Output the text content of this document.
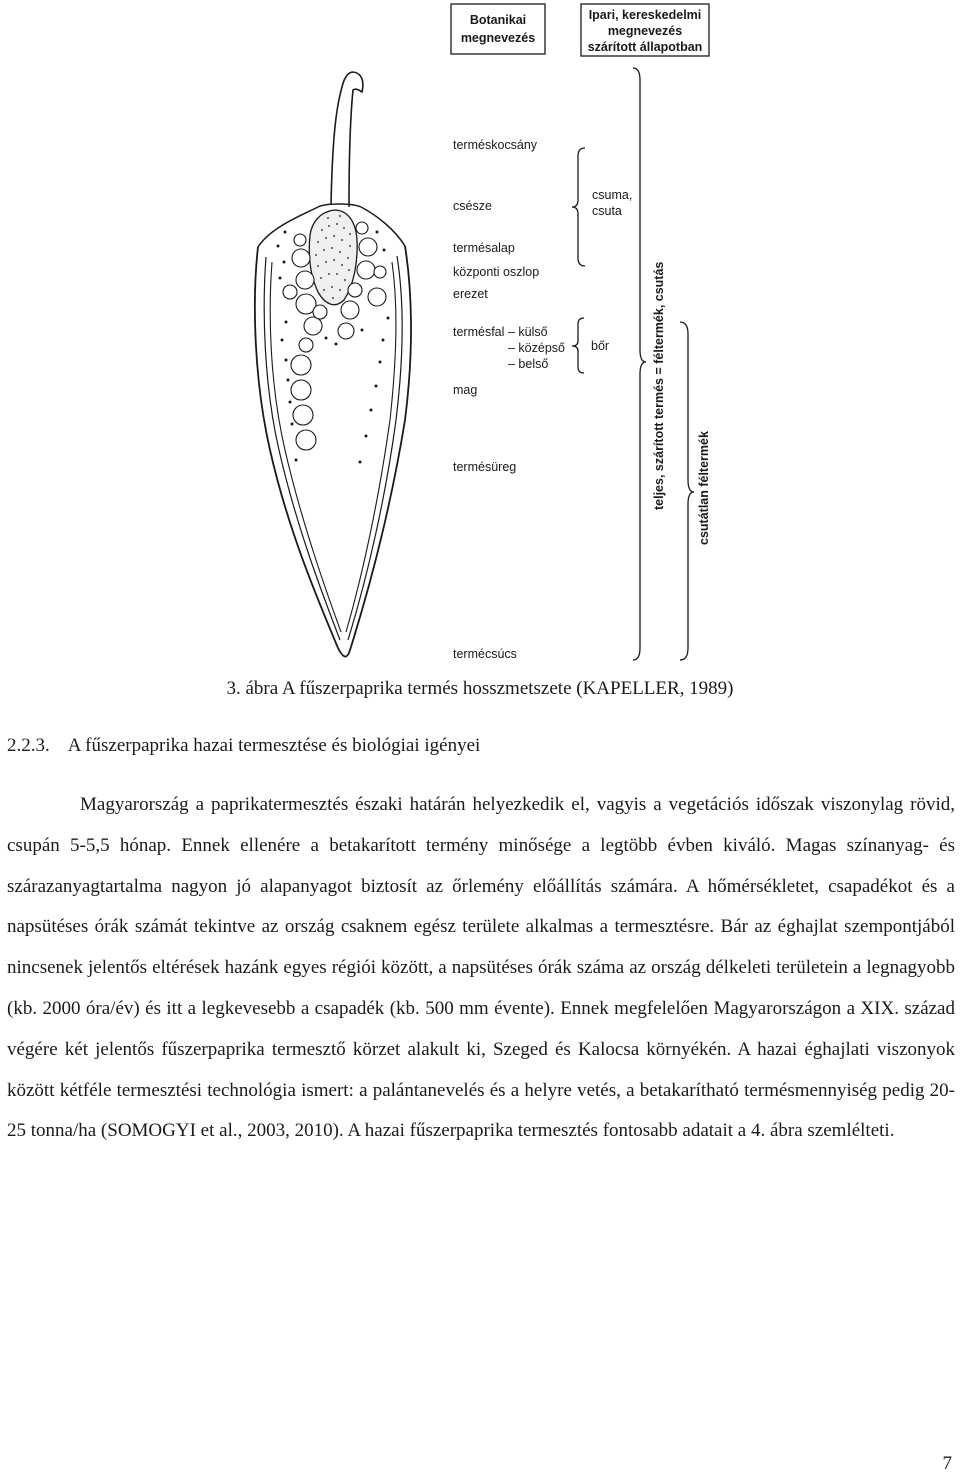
Botanikai
megnevezés
Ipari, kereskedelmi
megnevezés
szárított állapotban
terméskocsány
csésze
termésalap
központi oszlop
erezet
termésfal – külső
– középső
– belső
mag
termésüreg
termécsúcs
csuma,
csuta
bőr	teljes, szárított termés = féltermék, csutás csutátlan féltermék
3. ábra A fűszerpaprika termés hosszmetszete (KAPELLER, 1989)
2.2.3. A fűszerpaprika hazai termesztése és biológiai igényei

Magyarország a paprikatermesztés északi határán helyezkedik el, vagyis a vegetációs időszak viszonylag rövid, csupán 5-5,5 hónap. Ennek ellenére a betakarított termény minősége a legtöbb évben kiváló. Magas színanyag- és szárazanyagtartalma nagyon jó alapanyagot biztosít az őrlemény előállítás számára. A hőmérsékletet, csapadékot és a napsütéses órák számát tekintve az ország csaknem egész területe alkalmas a termesztésre. Bár az éghajlat szempontjából nincsenek jelentős eltérések hazánk egyes régiói között, a napsütéses órák száma az ország délkeleti területein a legnagyobb (kb. 2000 óra/év) és itt a legkevesebb a csapadék (kb. 500 mm évente). Ennek megfelelően Magyarországon a XIX. század végére két jelentős fűszerpaprika termesztő körzet alakult ki, Szeged és Kalocsa környékén. A hazai éghajlati viszonyok között kétféle termesztési technológia ismert: a palántanevelés és a helyre vetés, a betakarítható termésmennyiség pedig 20-25 tonna/ha (SOMOGYI et al., 2003, 2010). A hazai fűszerpaprika termesztés fontosabb adatait a 4. ábra szemlélteti.

7
